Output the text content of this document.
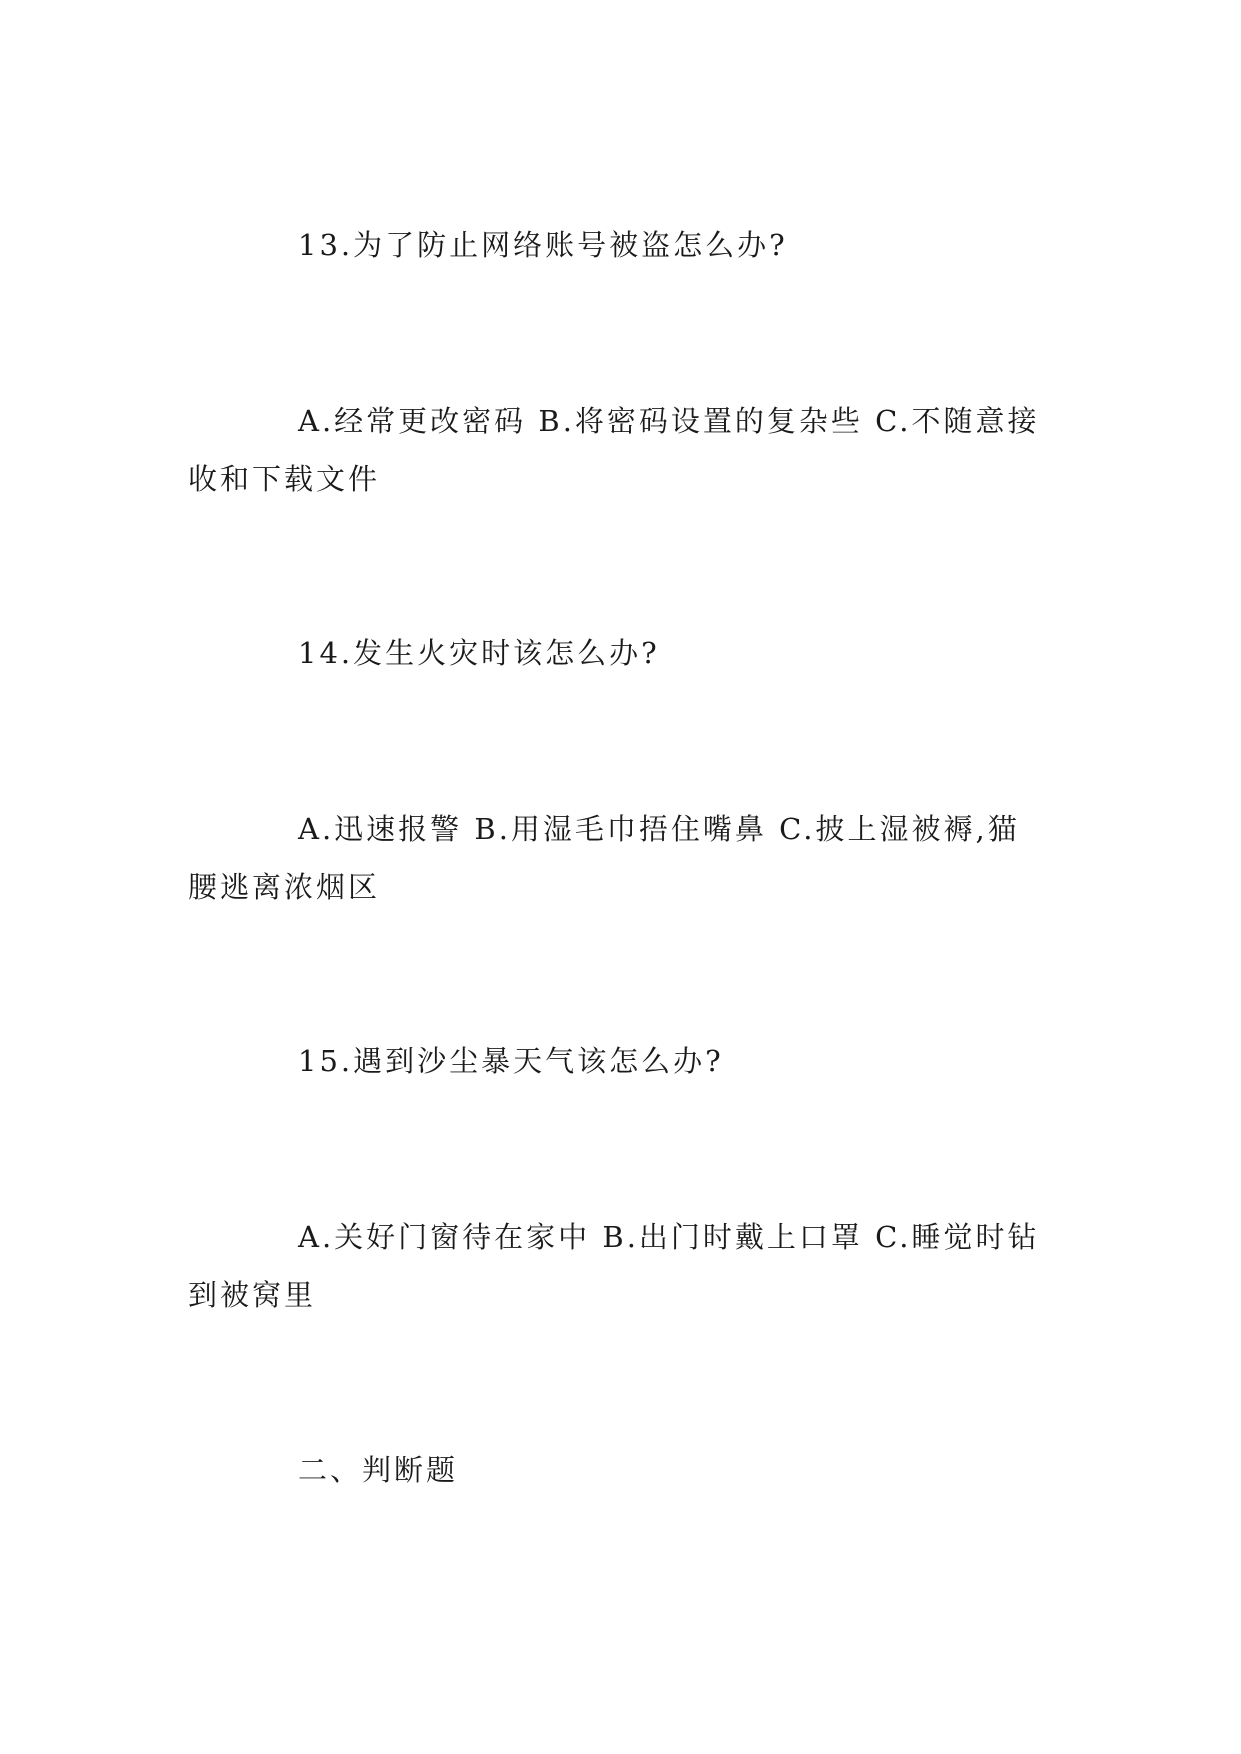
13.为了防止网络账号被盗怎么办?

A.经常更改密码 B.将密码设置的复杂些 C.不随意接收和下载文件

14.发生火灾时该怎么办?

A.迅速报警 B.用湿毛巾捂住嘴鼻 C.披上湿被褥,猫腰逃离浓烟区

15.遇到沙尘暴天气该怎么办?

A.关好门窗待在家中 B.出门时戴上口罩 C.睡觉时钻到被窝里

二、判断题
